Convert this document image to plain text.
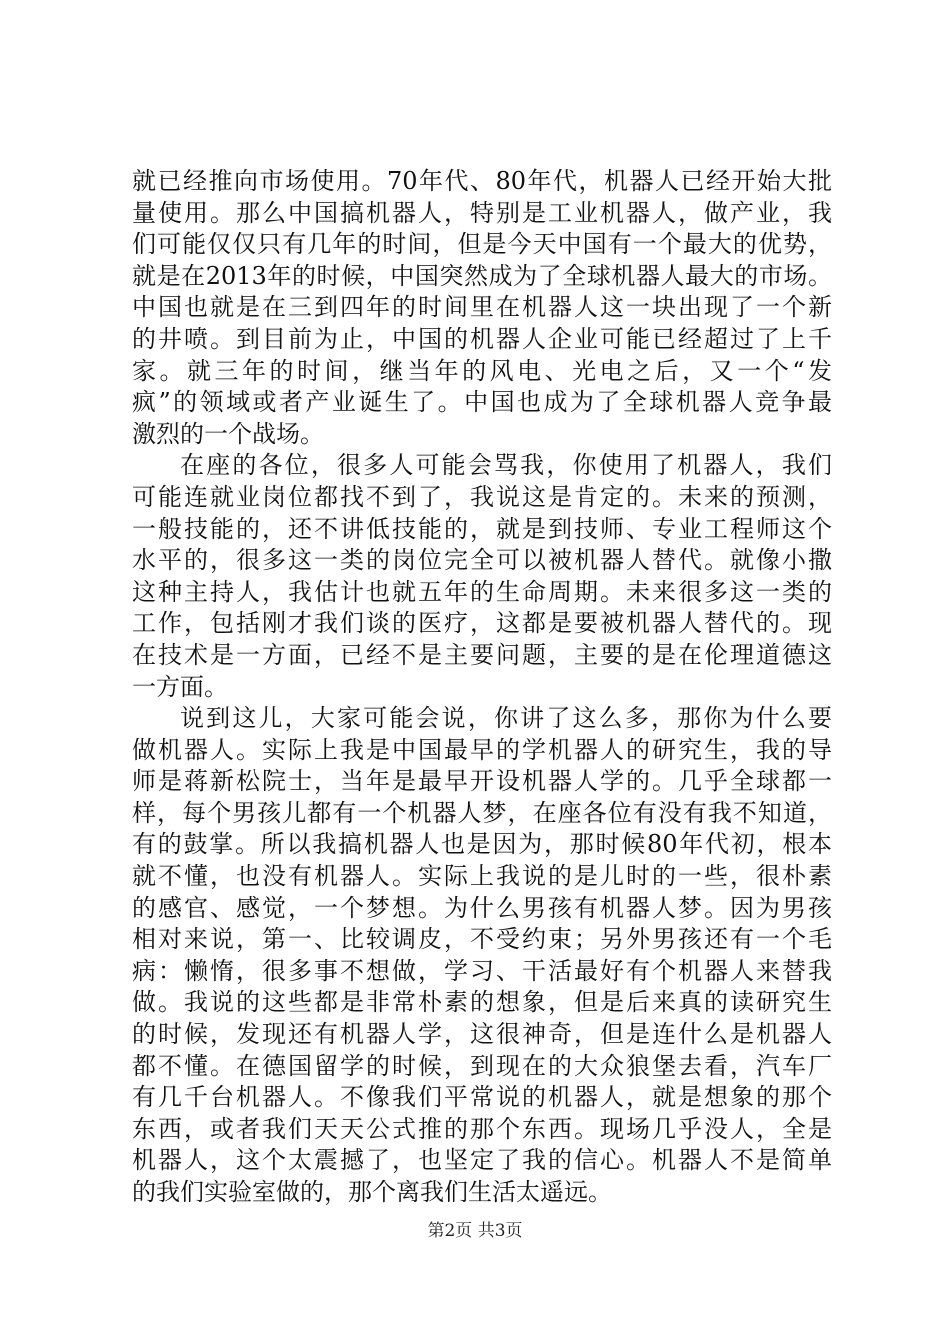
就已经推向市场使用。70年代、80年代，机器人已经开始大批
量使用。那么中国搞机器人，特别是工业机器人，做产业，我
们可能仅仅只有几年的时间，但是今天中国有一个最大的优势，
就是在2013年的时候，中国突然成为了全球机器人最大的市场。
中国也就是在三到四年的时间里在机器人这一块出现了一个新
的井喷。到目前为止，中国的机器人企业可能已经超过了上千
家。就三年的时间，继当年的风电、光电之后，又一个“发
疯”的领域或者产业诞生了。中国也成为了全球机器人竞争最
激烈的一个战场。
在座的各位，很多人可能会骂我，你使用了机器人，我们
可能连就业岗位都找不到了，我说这是肯定的。未来的预测，
一般技能的，还不讲低技能的，就是到技师、专业工程师这个
水平的，很多这一类的岗位完全可以被机器人替代。就像小撒
这种主持人，我估计也就五年的生命周期。未来很多这一类的
工作，包括刚才我们谈的医疗，这都是要被机器人替代的。现
在技术是一方面，已经不是主要问题，主要的是在伦理道德这
一方面。
说到这儿，大家可能会说，你讲了这么多，那你为什么要
做机器人。实际上我是中国最早的学机器人的研究生，我的导
师是蒋新松院士，当年是最早开设机器人学的。几乎全球都一
样，每个男孩儿都有一个机器人梦，在座各位有没有我不知道，
有的鼓掌。所以我搞机器人也是因为，那时候80年代初，根本
就不懂，也没有机器人。实际上我说的是儿时的一些，很朴素
的感官、感觉，一个梦想。为什么男孩有机器人梦。因为男孩
相对来说，第一、比较调皮，不受约束；另外男孩还有一个毛
病：懒惰，很多事不想做，学习、干活最好有个机器人来替我
做。我说的这些都是非常朴素的想象，但是后来真的读研究生
的时候，发现还有机器人学，这很神奇，但是连什么是机器人
都不懂。在德国留学的时候，到现在的大众狼堡去看，汽车厂
有几千台机器人。不像我们平常说的机器人，就是想象的那个
东西，或者我们天天公式推的那个东西。现场几乎没人，全是
机器人，这个太震撼了，也坚定了我的信心。机器人不是简单
的我们实验室做的，那个离我们生活太遥远。
第2页 共3页
